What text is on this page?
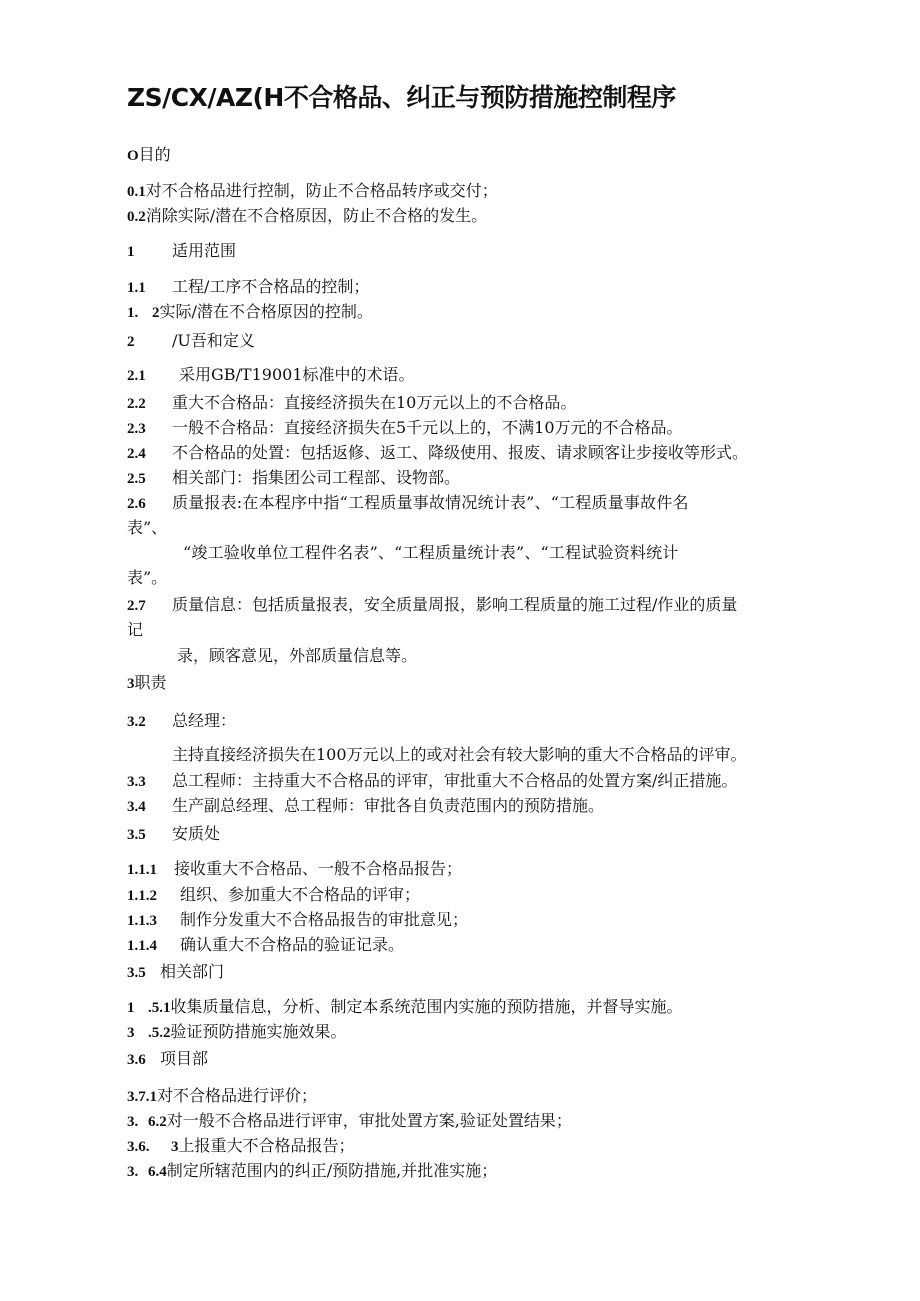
ZS/CX/AZ(H不合格品、纠正与预防措施控制程序
O目的
0.1对不合格品进行控制，防止不合格品转序或交付；
0.2消除实际/潜在不合格原因，防止不合格的发生。
1 适用范围
1.1 工程/工序不合格品的控制；
1. 2实际/潜在不合格原因的控制。
2 /U吾和定义
2.1 采用GB/T19001标准中的术语。
2.2 重大不合格品：直接经济损失在10万元以上的不合格品。
2.3 一般不合格品：直接经济损失在5千元以上的，不满10万元的不合格品。
2.4 不合格品的处置：包括返修、返工、降级使用、报废、请求顾客让步接收等形式。
2.5 相关部门：指集团公司工程部、设物部。
2.6 质量报表:在本程序中指“工程质量事故情况统计表”、“工程质量事故件名
表”、
“竣工验收单位工程件名表”、“工程质量统计表”、“工程试验资料统计
表”。
2.7 质量信息：包括质量报表，安全质量周报，影响工程质量的施工过程/作业的质量
记
录，顾客意见，外部质量信息等。
3职责
3.2 总经理：
主持直接经济损失在100万元以上的或对社会有较大影响的重大不合格品的评审。
3.3 总工程师：主持重大不合格品的评审，审批重大不合格品的处置方案/纠正措施。
3.4 生产副总经理、总工程师：审批各自负责范围内的预防措施。
3.5 安质处
1.1.1 接收重大不合格品、一般不合格品报告；
1.1.2 组织、参加重大不合格品的评审；
1.1.3 制作分发重大不合格品报告的审批意见；
1.1.4 确认重大不合格品的验证记录。
3.5 相关部门
1 .5.1收集质量信息，分析、制定本系统范围内实施的预防措施，并督导实施。
3 .5.2验证预防措施实施效果。
3.6 项目部
3.7.1对不合格品进行评价；
3. 6.2对一般不合格品进行评审，审批处置方案,验证处置结果；
3.6. 3上报重大不合格品报告；
3. 6.4制定所辖范围内的纠正/预防措施,并批准实施；
